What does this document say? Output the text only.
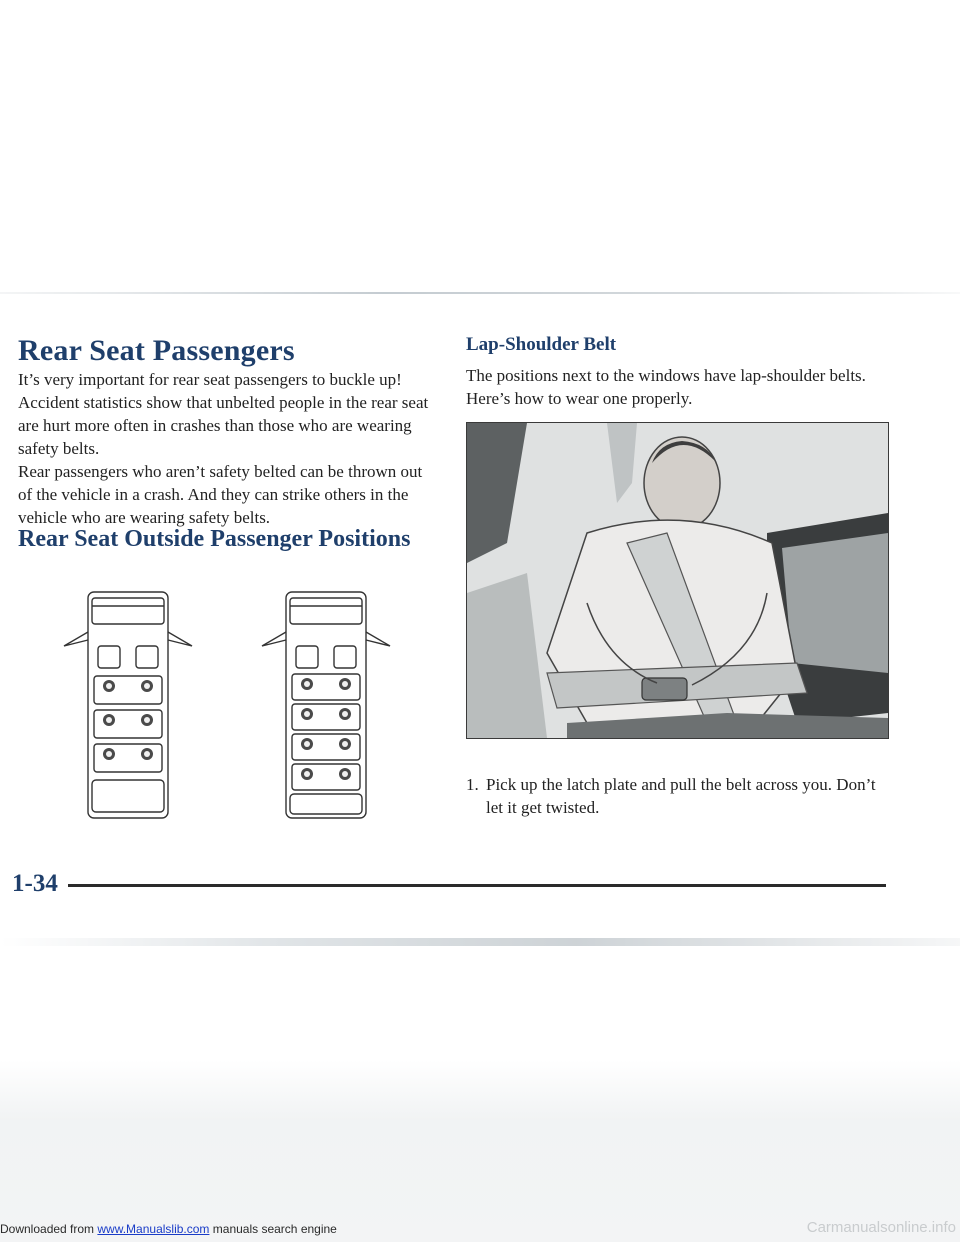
Rear Seat Passengers

It’s very important for rear seat passengers to buckle up! Accident statistics show that unbelted people in the rear seat are hurt more often in crashes than those who are wearing safety belts.

Rear passengers who aren’t safety belted can be thrown out of the vehicle in a crash. And they can strike others in the vehicle who are wearing safety belts.

Rear Seat Outside Passenger Positions
Lap-Shoulder Belt

The positions next to the windows have lap-shoulder belts. Here’s how to wear one properly.

1. Pick up the latch plate and pull the belt across you. Don’t let it get twisted.

1-34

Downloaded from www.Manualslib.com manuals search engine	Carmanualsonline.info
